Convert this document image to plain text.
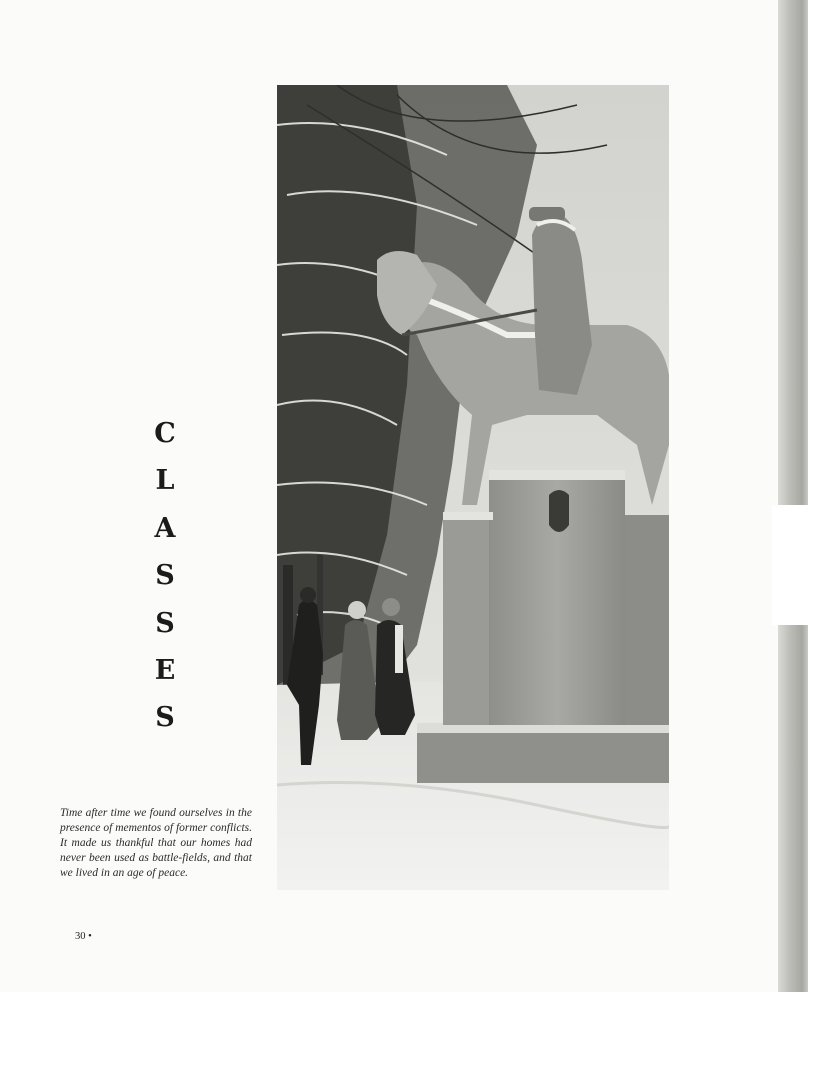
C
L
A
S
S
E
S
Time after time we found ourselves in the presence of mementos of former conflicts. It made us thankful that our homes had never been used as battle-fields, and that we lived in an age of peace.
30 •
